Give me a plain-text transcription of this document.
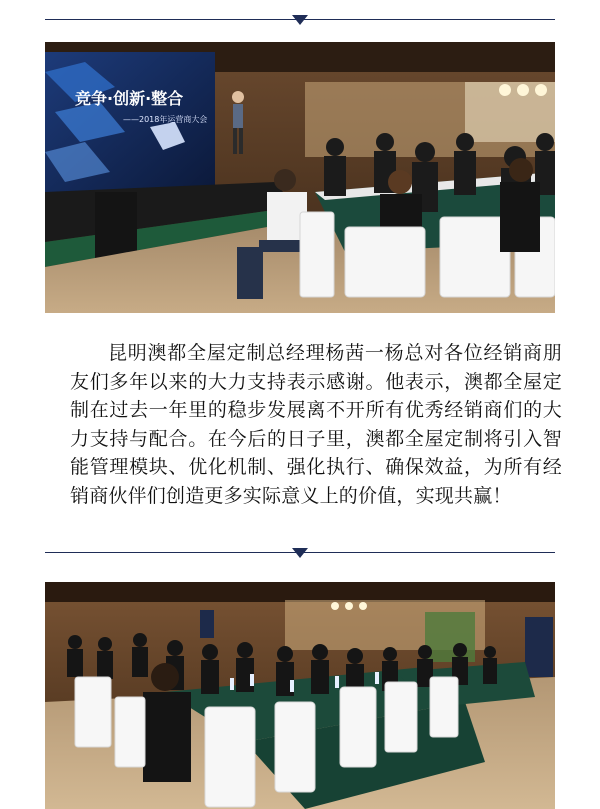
竞争·创新·整合
——2018年运营商大会

昆明澳都全屋定制总经理杨茜一杨总对各位经销商朋友们多年以来的大力支持表示感谢。他表示，澳都全屋定制在过去一年里的稳步发展离不开所有优秀经销商们的大力支持与配合。在今后的日子里，澳都全屋定制将引入智能管理模块、优化机制、强化执行、确保效益，为所有经销商伙伴们创造更多实际意义上的价值，实现共赢！
